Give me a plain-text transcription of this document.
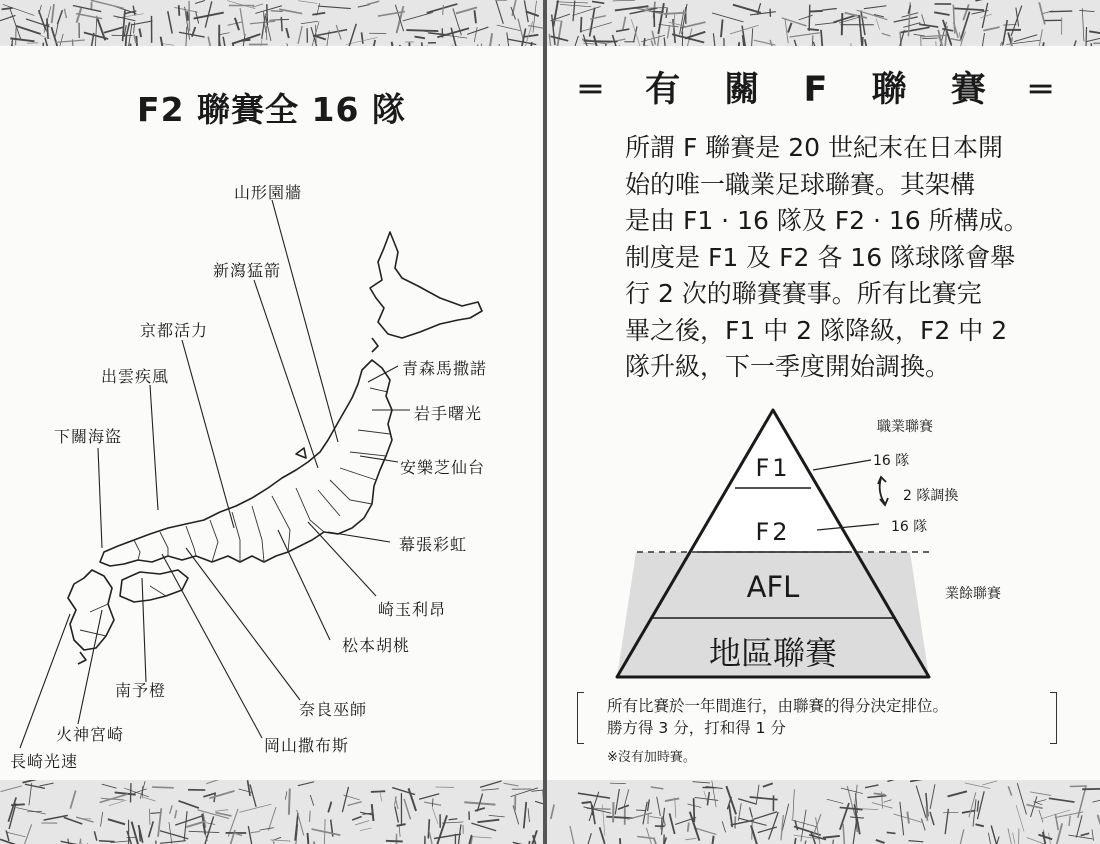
F2 聯賽全 16 隊
山形園牆
新瀉猛箭
京都活力
出雲疾風
下關海盜
青森馬撒諾
岩手曙光
安樂芝仙台
幕張彩虹
崎玉利昂
松本胡桃
奈良巫師
岡山撒布斯
南予橙
火神宮崎
長崎光速
═ 有 關 F 聯 賽 ═
所謂 F 聯賽是 20 世紀末在日本開
始的唯一職業足球聯賽。其架構
是由 F1 · 16 隊及 F2 · 16 所構成。
制度是 F1 及 F2 各 16 隊球隊會舉
行 2 次的聯賽賽事。所有比賽完
畢之後，F1 中 2 隊降級，F2 中 2
隊升級，下一季度開始調換。
F1
F2
AFL
地區聯賽
職業聯賽
16 隊
2 隊調換
16 隊
業餘聯賽
所有比賽於一年間進行，由聯賽的得分決定排位。
勝方得 3 分，打和得 1 分
※沒有加時賽。
